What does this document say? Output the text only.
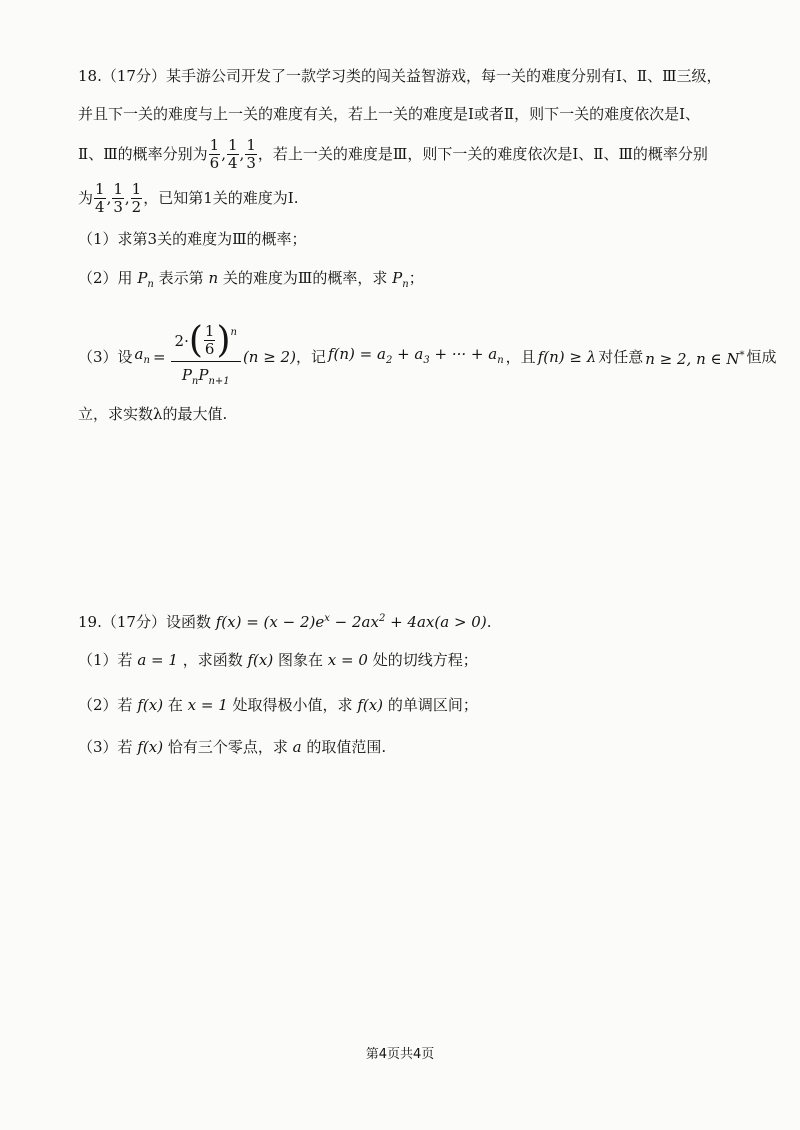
18.（17分）某手游公司开发了一款学习类的闯关益智游戏，每一关的难度分别有Ⅰ、Ⅱ、Ⅲ三级，
并且下一关的难度与上一关的难度有关，若上一关的难度是Ⅰ或者Ⅱ，则下一关的难度依次是Ⅰ、
Ⅱ、Ⅲ的概率分别为 $\frac{1}{6}$ , $\frac{1}{4}$ , $\frac{1}{3}$ ，若上一关的难度是Ⅲ，则下一关的难度依次是Ⅰ、Ⅱ、Ⅲ的概率分别
为 $\frac{1}{4}$ , $\frac{1}{3}$ , $\frac{1}{2}$ ，已知第1关的难度为Ⅰ.
（1）求第3关的难度为Ⅲ的概率；
（2）用 $P_n$ 表示第 n 关的难度为Ⅲ的概率，求 $P_n$；
（3）设 $a_n$ =
2· ( $\frac{1}{6} )^n$
$P_nP_{n+1}$
(n ≥ 2) ，记 $f(n) = a_2 + a_3$ + ··· + $a_n$ ，且 f(n) ≥ λ 对任意 n ≥ 2, n ∈ N* 恒成
立，求实数λ的最大值.
19.（17分）设函数 $f(x) = (x - 2)e^x - 2ax^2 + 4ax(a > 0)$.
（1）若 a = 1 ，求函数 f(x) 图象在 x = 0 处的切线方程；
（2）若 f(x) 在 x = 1 处取得极小值，求 f(x) 的单调区间；
（3）若 f(x) 恰有三个零点，求 a 的取值范围.
第4页共4页
